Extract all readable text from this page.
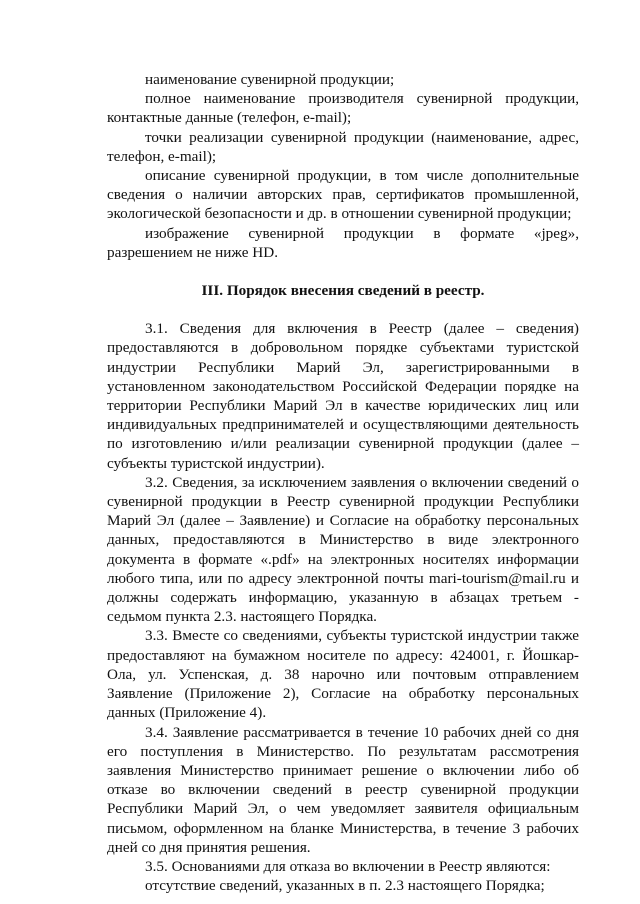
наименование сувенирной продукции;

полное наименование производителя сувенирной продукции, контактные данные (телефон, e-mail);

точки реализации сувенирной продукции (наименование, адрес, телефон, e-mail);

описание сувенирной продукции, в том числе дополнительные сведения о наличии авторских прав, сертификатов промышленной, экологической безопасности и др. в отношении сувенирной продукции;

изображение сувенирной продукции в формате «jpeg», разрешением не ниже HD.

III. Порядок внесения сведений в реестр.

3.1. Сведения для включения в Реестр (далее – сведения) предоставляются в добровольном порядке субъектами туристской индустрии Республики Марий Эл, зарегистрированными в установленном законодательством Российской Федерации порядке на территории Республики Марий Эл в качестве юридических лиц или индивидуальных предпринимателей и осуществляющими деятельность по изготовлению и/или реализации сувенирной продукции (далее – субъекты туристской индустрии).

3.2. Сведения, за исключением заявления о включении сведений о сувенирной продукции в Реестр сувенирной продукции Республики Марий Эл (далее – Заявление) и Согласие на обработку персональных данных, предоставляются в Министерство в виде электронного документа в формате «.pdf» на электронных носителях информации любого типа, или по адресу электронной почты mari-tourism@mail.ru и должны содержать информацию, указанную в абзацах третьем - седьмом пункта 2.3. настоящего Порядка.

3.3. Вместе со сведениями, субъекты туристской индустрии также предоставляют на бумажном носителе по адресу: 424001, г. Йошкар-Ола, ул. Успенская, д. 38 нарочно или почтовым отправлением Заявление (Приложение 2), Согласие на обработку персональных данных (Приложение 4).

3.4. Заявление рассматривается в течение 10 рабочих дней со дня его поступления в Министерство. По результатам рассмотрения заявления Министерство принимает решение о включении либо об отказе во включении сведений в реестр сувенирной продукции Республики Марий Эл, о чем уведомляет заявителя официальным письмом, оформленном на бланке Министерства, в течение 3 рабочих дней со дня принятия решения.

3.5. Основаниями для отказа во включении в Реестр являются:

отсутствие сведений, указанных в п. 2.3 настоящего Порядка;
